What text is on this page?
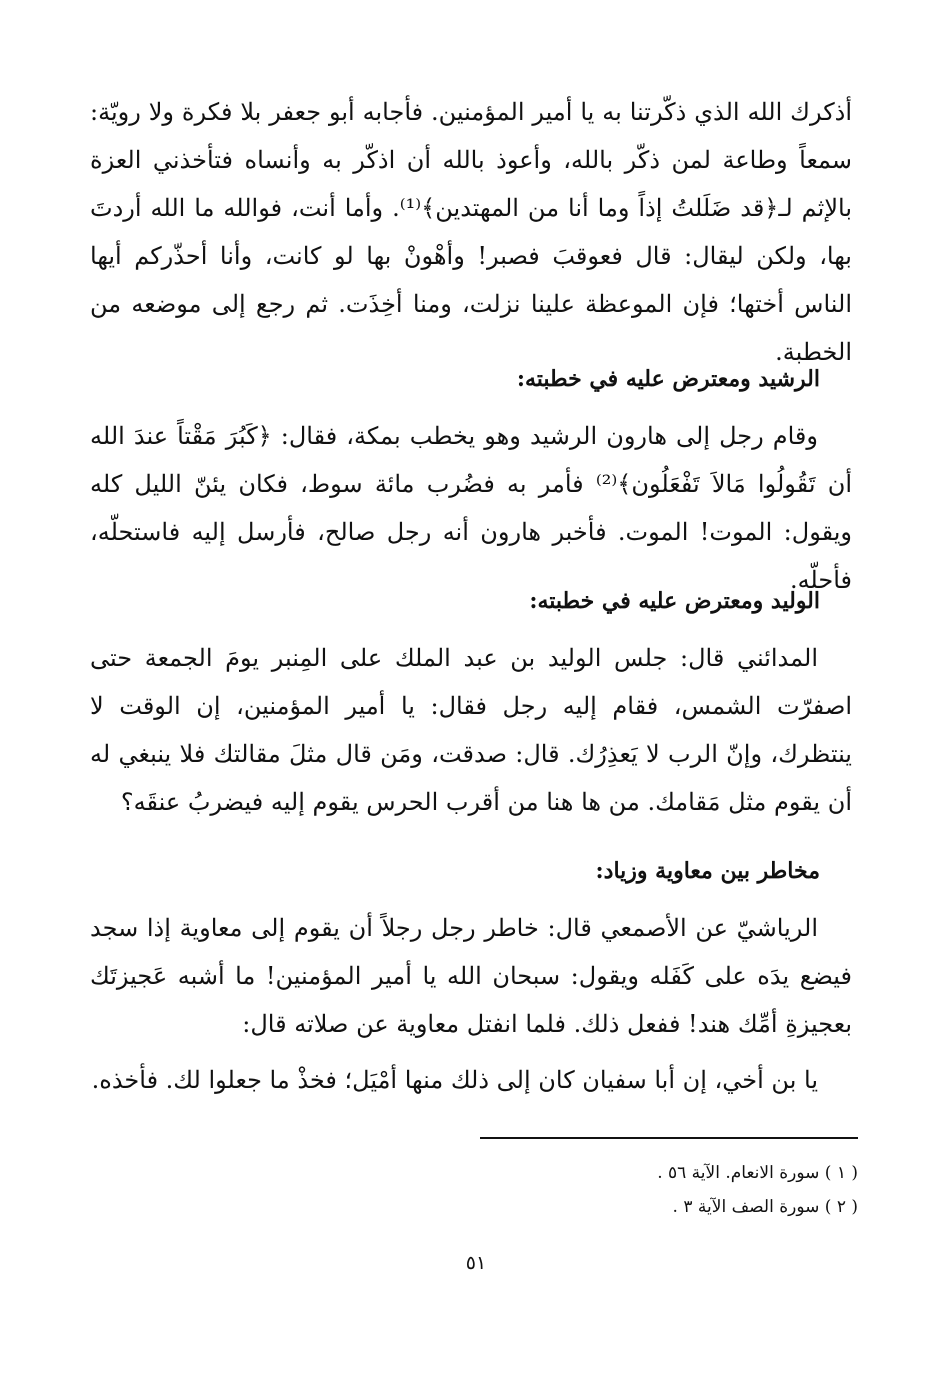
أذكرك الله الذي ذكّرتنا به يا أمير المؤمنين. فأجابه أبو جعفر بلا فكرة ولا رويّة: سمعاً وطاعة لمن ذكّر بالله، وأعوذ بالله أن اذكّر به وأنساه فتأخذني العزة بالإثم لـ﴿قد ضَلَلتُ إذاً وما أنا من المهتدين﴾⁽¹⁾. وأما أنت، فوالله ما الله أردتَ بها، ولكن ليقال: قال فعوقبَ فصبر! وأهْونْ بها لو كانت، وأنا أحذّركم أيها الناس أختها؛ فإن الموعظة علينا نزلت، ومنا أخِذَت. ثم رجع إلى موضعه من الخطبة.

الرشيد ومعترض عليه في خطبته:

وقام رجل إلى هارون الرشيد وهو يخطب بمكة، فقال: ﴿كَبُرَ مَقْتاً عندَ الله أن تَقُولُوا مَالاَ تَفْعَلُون﴾⁽²⁾ فأمر به فضُرب مائة سوط، فكان يئنّ الليل كله ويقول: الموت! الموت. فأخبر هارون أنه رجل صالح، فأرسل إليه فاستحلّه، فأحلّه.

الوليد ومعترض عليه في خطبته:

المدائني قال: جلس الوليد بن عبد الملك على المِنبر يومَ الجمعة حتى اصفرّت الشمس، فقام إليه رجل فقال: يا أمير المؤمنين، إن الوقت لا ينتظرك، وإنّ الرب لا يَعذِرُك. قال: صدقت، ومَن قال مثلَ مقالتك فلا ينبغي له أن يقوم مثل مَقامك. من ها هنا من أقرب الحرس يقوم إليه فيضربُ عنقَه؟

مخاطر بين معاوية وزياد:

الرياشيّ عن الأصمعي قال: خاطر رجل رجلاً أن يقوم إلى معاوية إذا سجد فيضع يدَه على كَفَله ويقول: سبحان الله يا أمير المؤمنين! ما أشبه عَجيزتَك بعجيزةِ أمِّك هند! ففعل ذلك. فلما انفتل معاوية عن صلاته قال:

يا بن أخي، إن أبا سفيان كان إلى ذلك منها أمْيَل؛ فخذْ ما جعلوا لك. فأخذه.

( ١ ) سورة الانعام. الآية ٥٦ .
( ٢ ) سورة الصف الآية ٣ .
٥١
